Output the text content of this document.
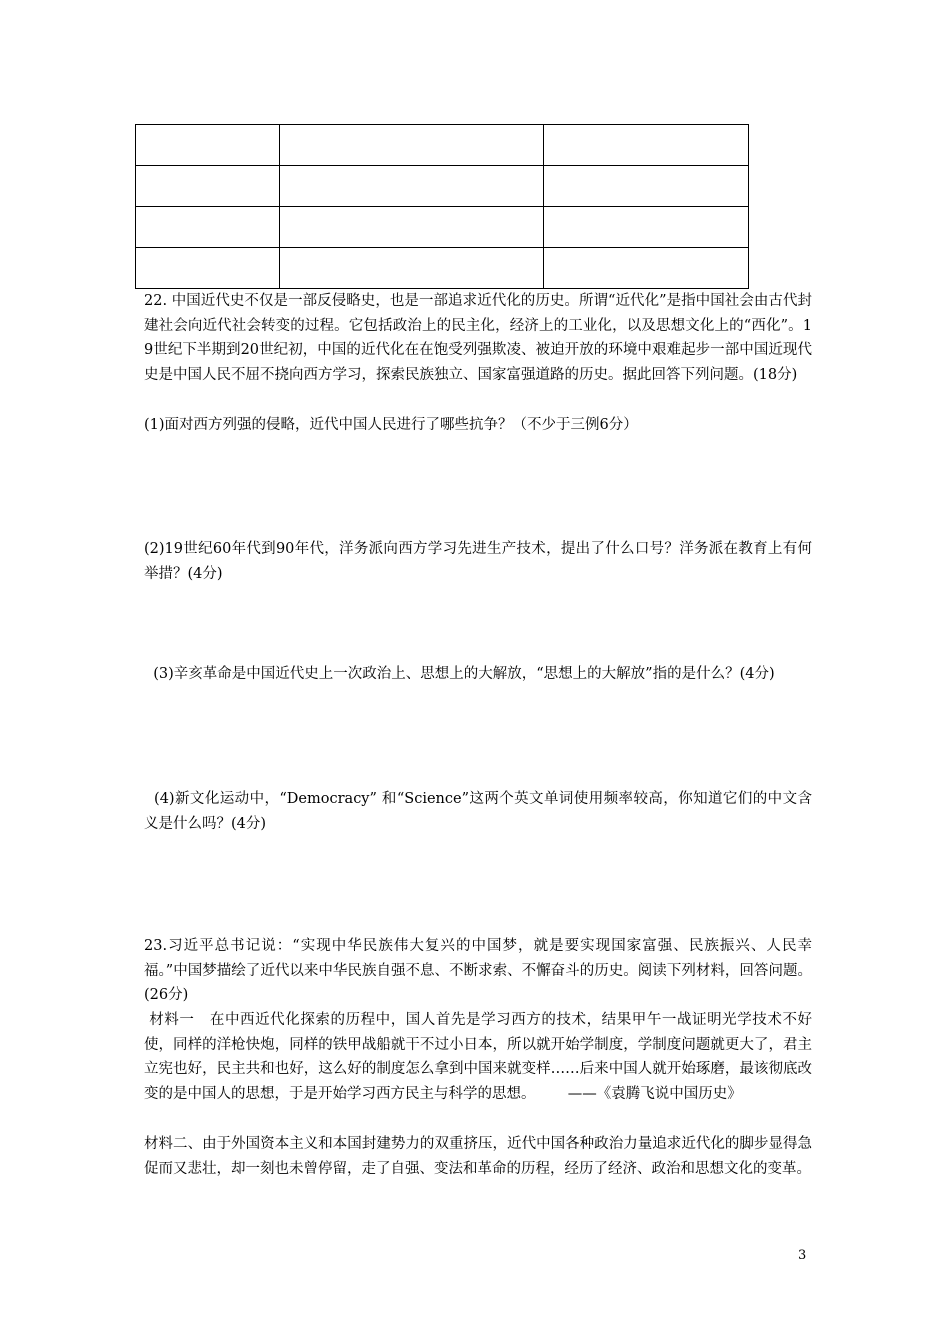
22. 中国近代史不仅是一部反侵略史，也是一部追求近代化的历史。所谓“近代化”是指中国社会由古代封建社会向近代社会转变的过程。它包括政治上的民主化，经济上的工业化，以及思想文化上的“西化”。19世纪下半期到20世纪初，中国的近代化在在饱受列强欺凌、被迫开放的环境中艰难起步一部中国近现代史是中国人民不屈不挠向西方学习，探索民族独立、国家富强道路的历史。据此回答下列问题。(18分)

(1)面对西方列强的侵略，近代中国人民进行了哪些抗争？（不少于三例6分）

(2)19世纪60年代到90年代，洋务派向西方学习先进生产技术，提出了什么口号？洋务派在教育上有何举措？(4分)

(3)辛亥革命是中国近代史上一次政治上、思想上的大解放，“思想上的大解放”指的是什么？(4分)

(4)新文化运动中，“Democracy” 和“Science”这两个英文单词使用频率较高，你知道它们的中文含义是什么吗？(4分)

23.习近平总书记说：“实现中华民族伟大复兴的中国梦，就是要实现国家富强、民族振兴、人民幸福。”中国梦描绘了近代以来中华民族自强不息、不断求索、不懈奋斗的历史。阅读下列材料，回答问题。 (26分)

材料一   在中西近代化探索的历程中，国人首先是学习西方的技术，结果甲午一战证明光学技术不好使，同样的洋枪快炮，同样的铁甲战船就干不过小日本，所以就开始学制度，学制度问题就更大了，君主立宪也好，民主共和也好，这么好的制度怎么拿到中国来就变样……后来中国人就开始琢磨，最该彻底改变的是中国人的思想，于是开始学习西方民主与科学的思想。       ——《袁腾飞说中国历史》

材料二、由于外国资本主义和本国封建势力的双重挤压，近代中国各种政治力量追求近代化的脚步显得急促而又悲壮，却一刻也未曾停留，走了自强、变法和革命的历程，经历了经济、政治和思想文化的变革。

3
